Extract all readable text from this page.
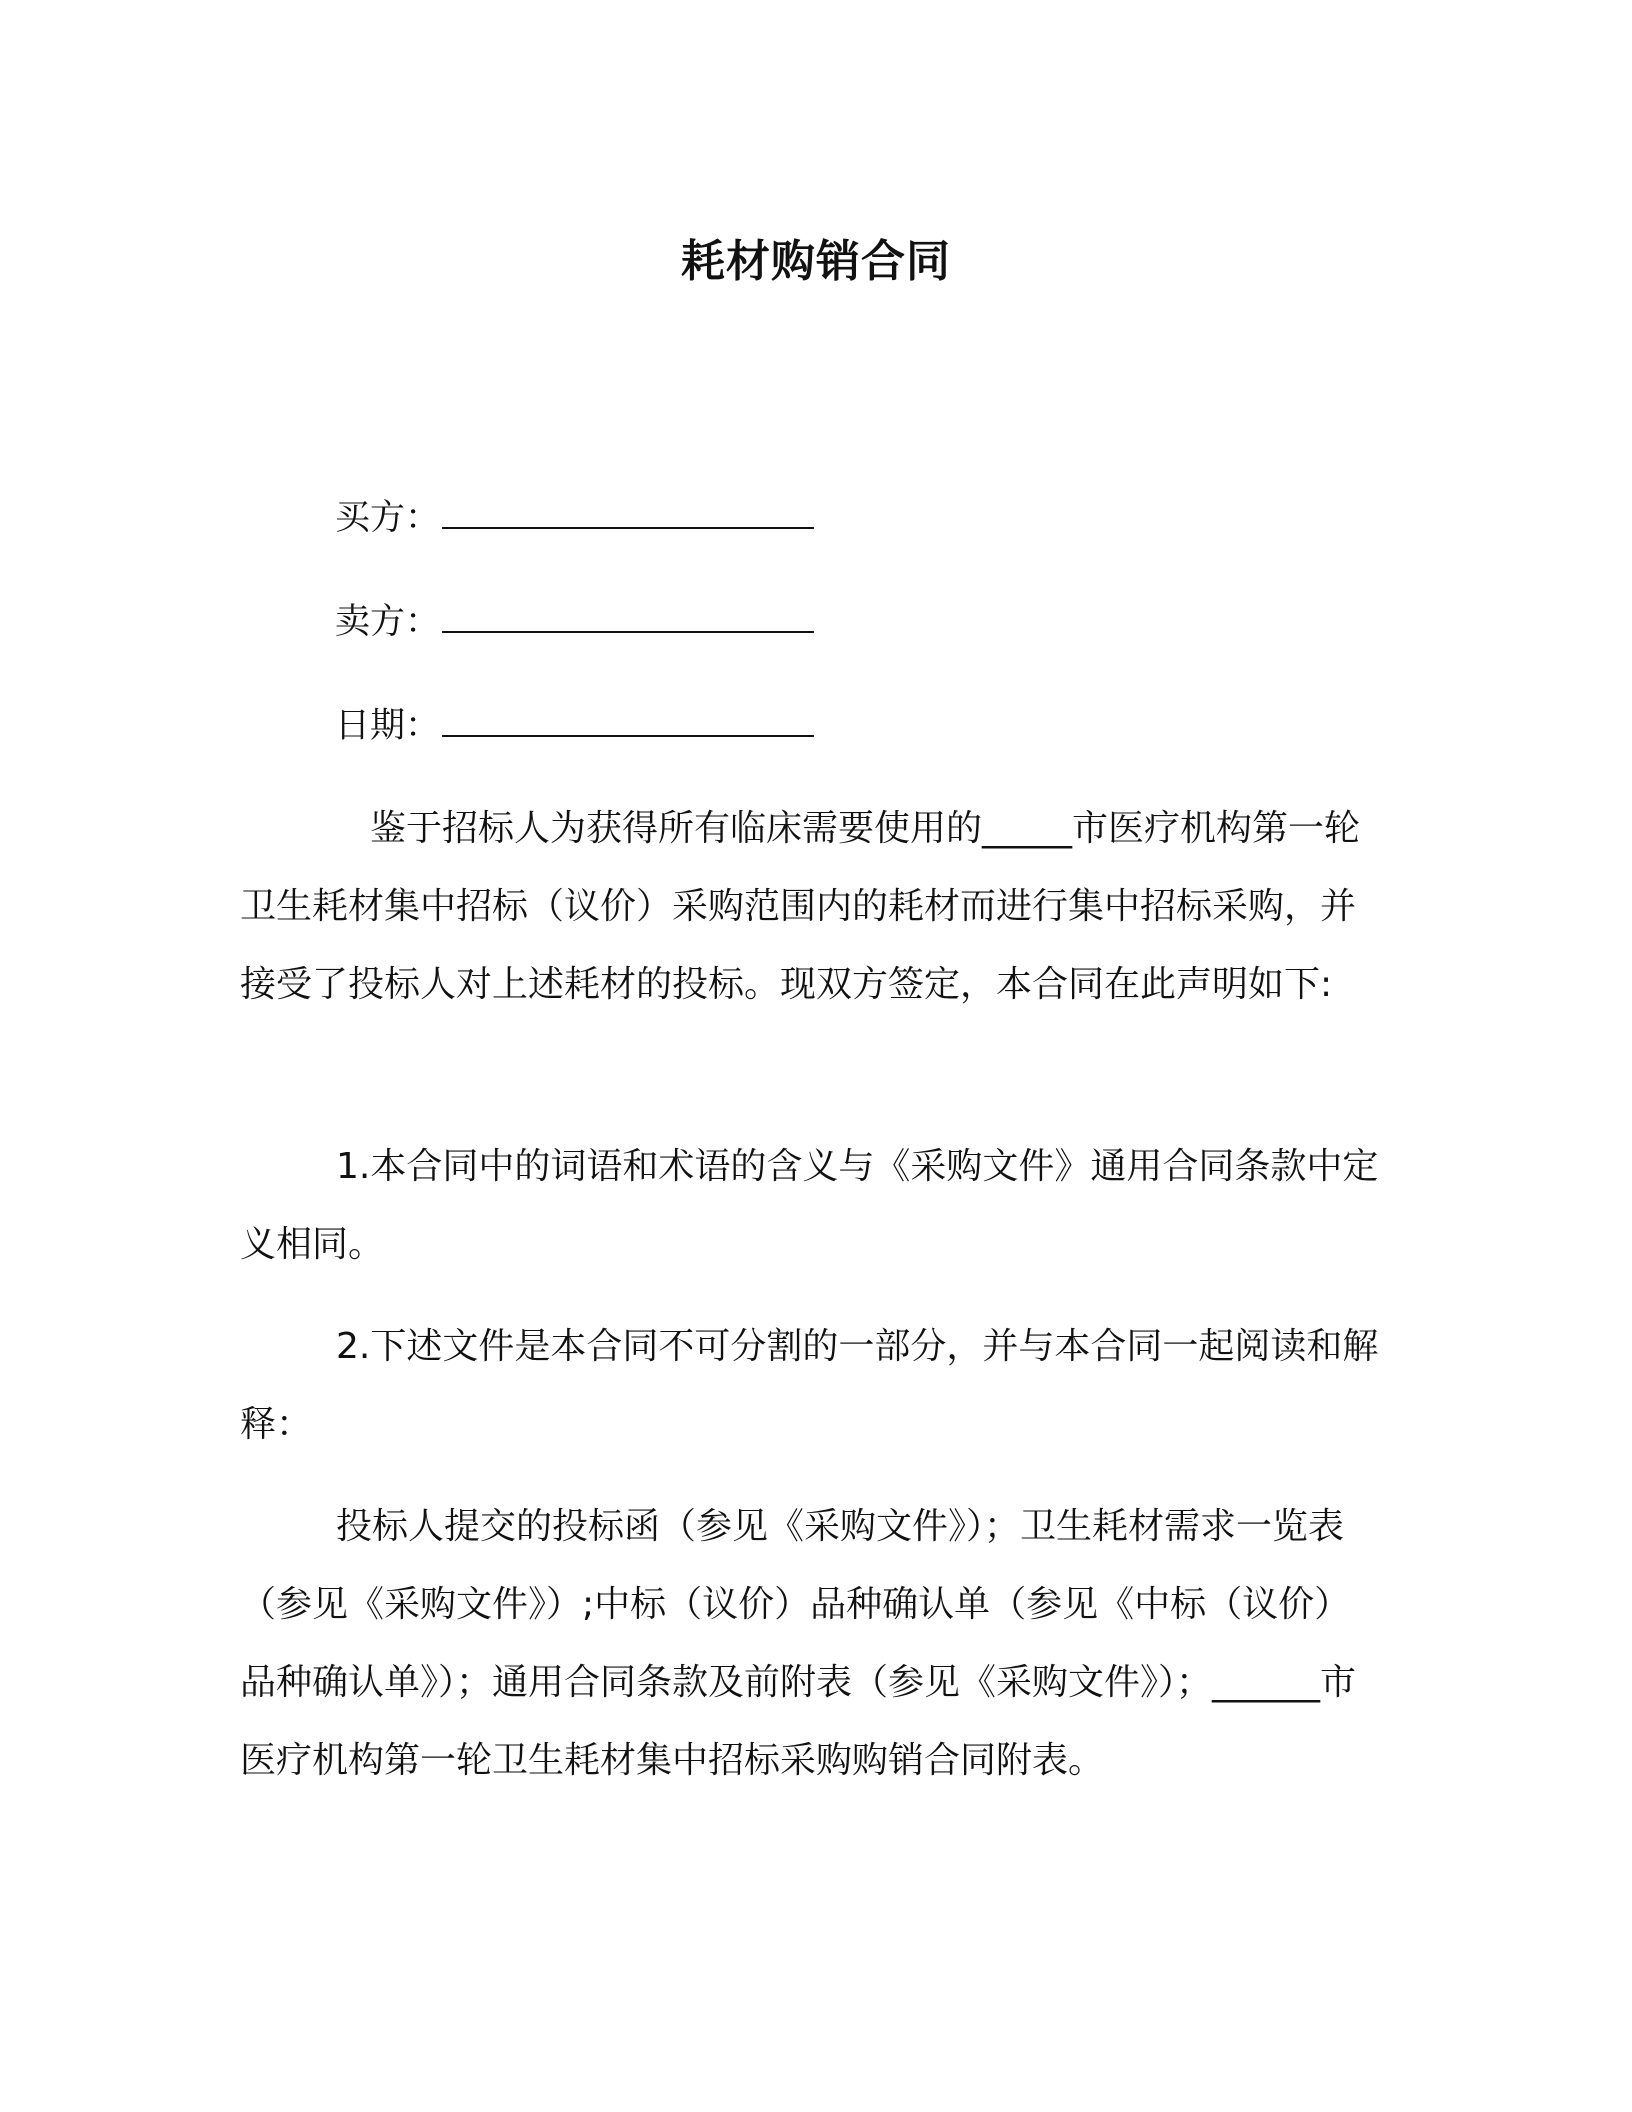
耗材购销合同
买方：
卖方：
日期：

鉴于招标人为获得所有临床需要使用的_____市医疗机构第一轮卫生耗材集中招标（议价）采购范围内的耗材而进行集中招标采购，并接受了投标人对上述耗材的投标。现双方签定，本合同在此声明如下:

1.本合同中的词语和术语的含义与《采购文件》通用合同条款中定义相同。

2.下述文件是本合同不可分割的一部分，并与本合同一起阅读和解释：

投标人提交的投标函（参见《采购文件》）；卫生耗材需求一览表（参见《采购文件》）;中标（议价）品种确认单（参见《中标（议价）品种确认单》）；通用合同条款及前附表（参见《采购文件》）；______市医疗机构第一轮卫生耗材集中招标采购购销合同附表。
